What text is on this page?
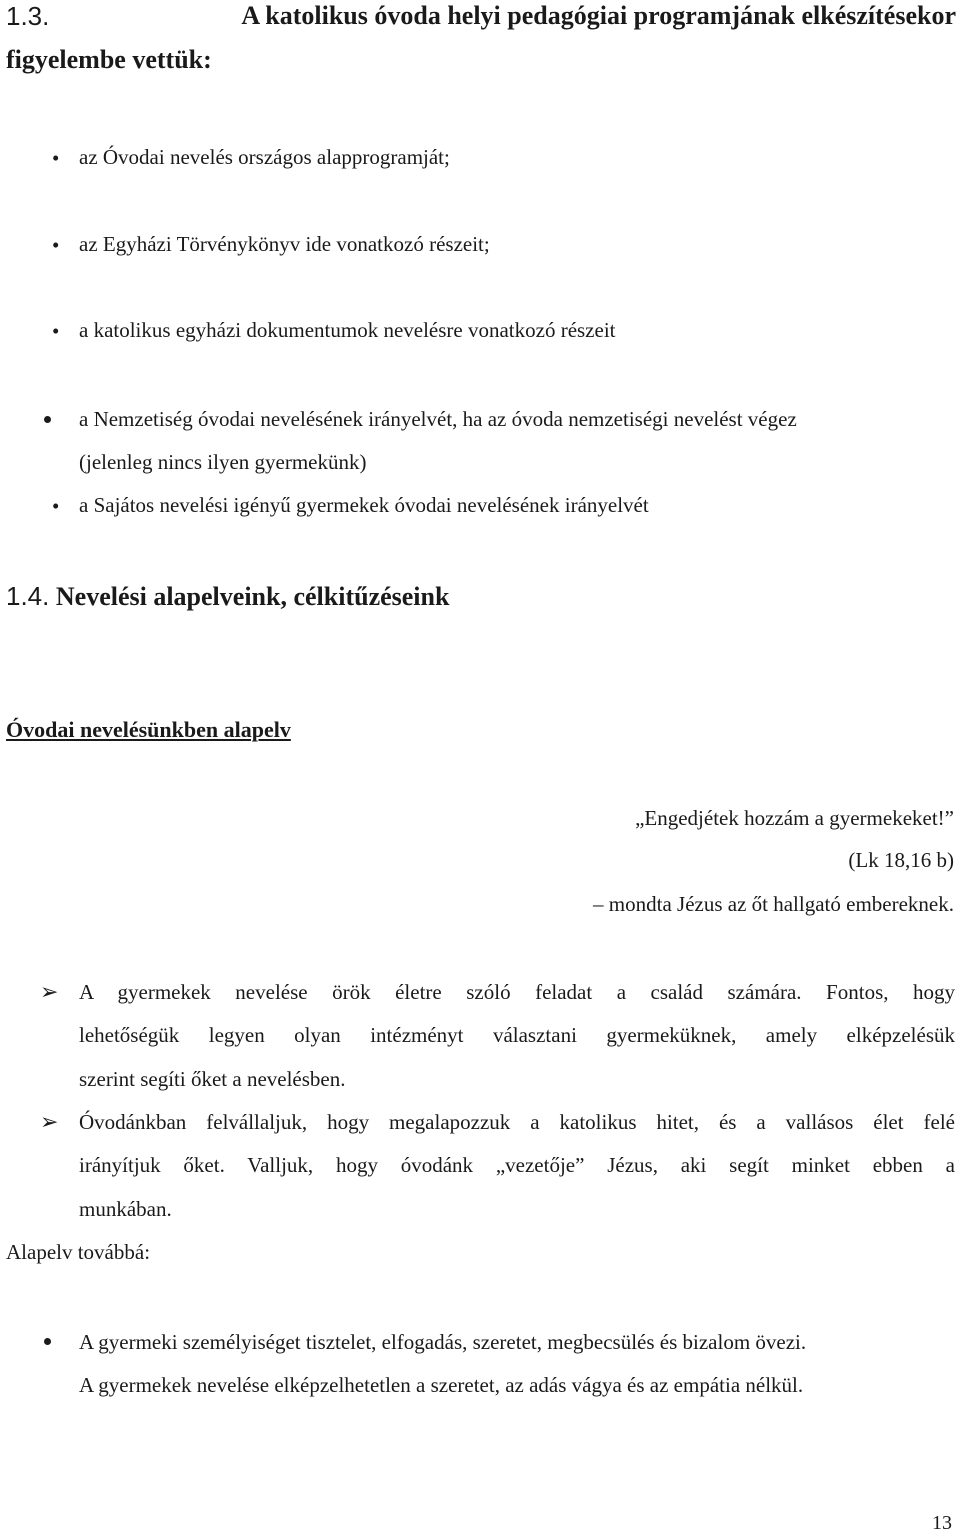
1.3.	A katolikus óvoda helyi pedagógiai programjának elkészítésekor
figyelembe vettük:
• az Óvodai nevelés országos alapprogramját;
• az Egyházi Törvénykönyv ide vonatkozó részeit;
• a katolikus egyházi dokumentumok nevelésre vonatkozó részeit
a Nemzetiség óvodai nevelésének irányelvét, ha az óvoda nemzetiségi nevelést végez
(jelenleg nincs ilyen gyermekünk)
• a Sajátos nevelési igényű gyermekek óvodai nevelésének irányelvét
1.4. Nevelési alapelveink, célkitűzéseink
Óvodai nevelésünkben alapelv
„Engedjétek hozzám a gyermekeket!”
(Lk 18,16 b)
– mondta Jézus az őt hallgató embereknek.
➢ A gyermekek nevelése örök életre szóló feladat a család számára. Fontos, hogy
lehetőségük legyen olyan intézményt választani gyermeküknek, amely elképzelésük
szerint segíti őket a nevelésben.
➢ Óvodánkban felvállaljuk, hogy megalapozzuk a katolikus hitet, és a vallásos élet felé
irányítjuk őket. Valljuk, hogy óvodánk „vezetője” Jézus, aki segít minket ebben a
munkában.
Alapelv továbbá:
A gyermeki személyiséget tisztelet, elfogadás, szeretet, megbecsülés és bizalom övezi.
A gyermekek nevelése elképzelhetetlen a szeretet, az adás vágya és az empátia nélkül.
13
